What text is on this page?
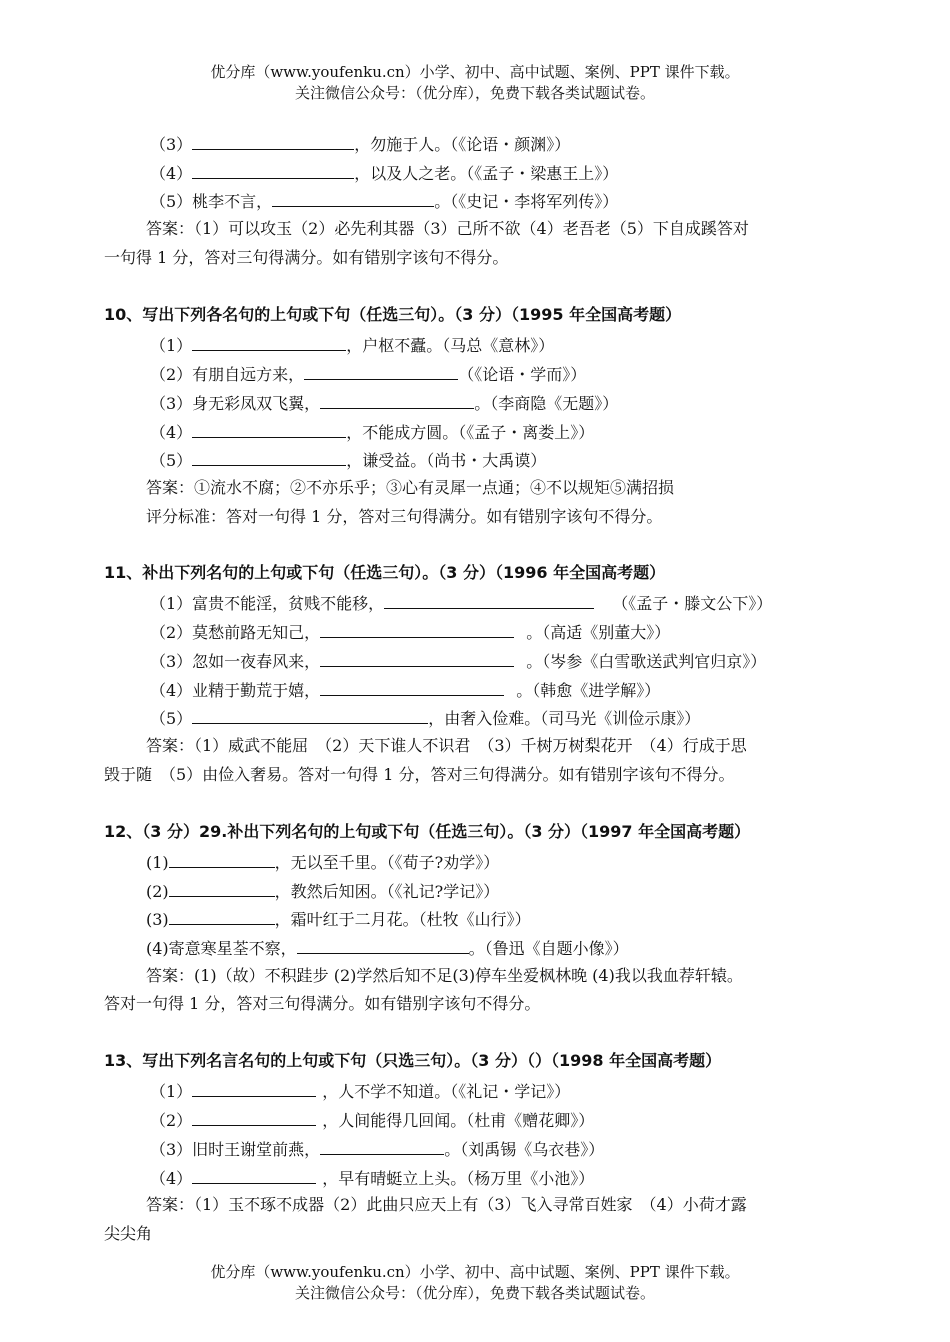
优分库（www.youfenku.cn）小学、初中、高中试题、案例、PPT 课件下载。
关注微信公众号：（优分库），免费下载各类试题试卷。
（3）	，勿施于人。（《论语・颜渊》）
（4）	，以及人之老。（《孟子・梁惠王上》）
（5）桃李不言，	。（《史记・李将军列传》）
答案：（1）可以攻玉（2）必先利其器（3）己所不欲（4）老吾老（5）下自成蹊答对
一句得 1 分，答对三句得满分。如有错别字该句不得分。
10、写出下列各名句的上句或下句（任选三句）。（3 分）（1995 年全国高考题）
（1）	，户枢不蠹。（马总《意林》）
（2）有朋自远方来，	（《论语・学而》）
（3）身无彩凤双飞翼，	。（李商隐《无题》）
（4）	，不能成方圆。（《孟子・离娄上》）
（5）	，谦受益。（尚书・大禹谟）
答案：①流水不腐；②不亦乐乎；③心有灵犀一点通；④不以规矩⑤满招损
评分标准：答对一句得 1 分，答对三句得满分。如有错别字该句不得分。
11、补出下列名句的上句或下句（任选三句）。（3 分）（1996 年全国高考题）
（1）富贵不能淫，贫贱不能移，	（《孟子・滕文公下》）
（2）莫愁前路无知己，	。（高适《别董大》）
（3）忽如一夜春风来，	。（岑参《白雪歌送武判官归京》）
（4）业精于勤荒于嬉，	。（韩愈《进学解》）
（5）	，由奢入俭难。（司马光《训俭示康》）
答案：（1）威武不能屈　（2）天下谁人不识君　（3）千树万树梨花开　（4）行成于思
毁于随　（5）由俭入奢易。答对一句得 1 分，答对三句得满分。如有错别字该句不得分。
12、（3 分）29.补出下列名句的上句或下句（任选三句）。（3 分）（1997 年全国高考题）
(1)	，无以至千里。（《荀子?劝学》）
(2)	，教然后知困。（《礼记?学记》）
(3)	，霜叶红于二月花。（杜牧《山行》）
(4)寄意寒星荃不察，	。（鲁迅《自题小像》）
答案：(1)（故）不积跬步 (2)学然后知不足(3)停车坐爱枫林晚 (4)我以我血荐轩辕。
答对一句得 1 分，答对三句得满分。如有错别字该句不得分。
13、写出下列名言名句的上句或下句（只选三句）。（3 分）（）（1998 年全国高考题）
（1）	，人不学不知道。（《礼记・学记》）
（2）	，人间能得几回闻。（杜甫《赠花卿》）
（3）旧时王谢堂前燕，	。（刘禹锡《乌衣巷》）
（4）	，早有晴蜓立上头。（杨万里《小池》）
答案：（1）玉不琢不成器（2）此曲只应天上有（3）飞入寻常百姓家　（4）小荷才露
尖尖角
优分库（www.youfenku.cn）小学、初中、高中试题、案例、PPT 课件下载。
关注微信公众号：（优分库），免费下载各类试题试卷。
